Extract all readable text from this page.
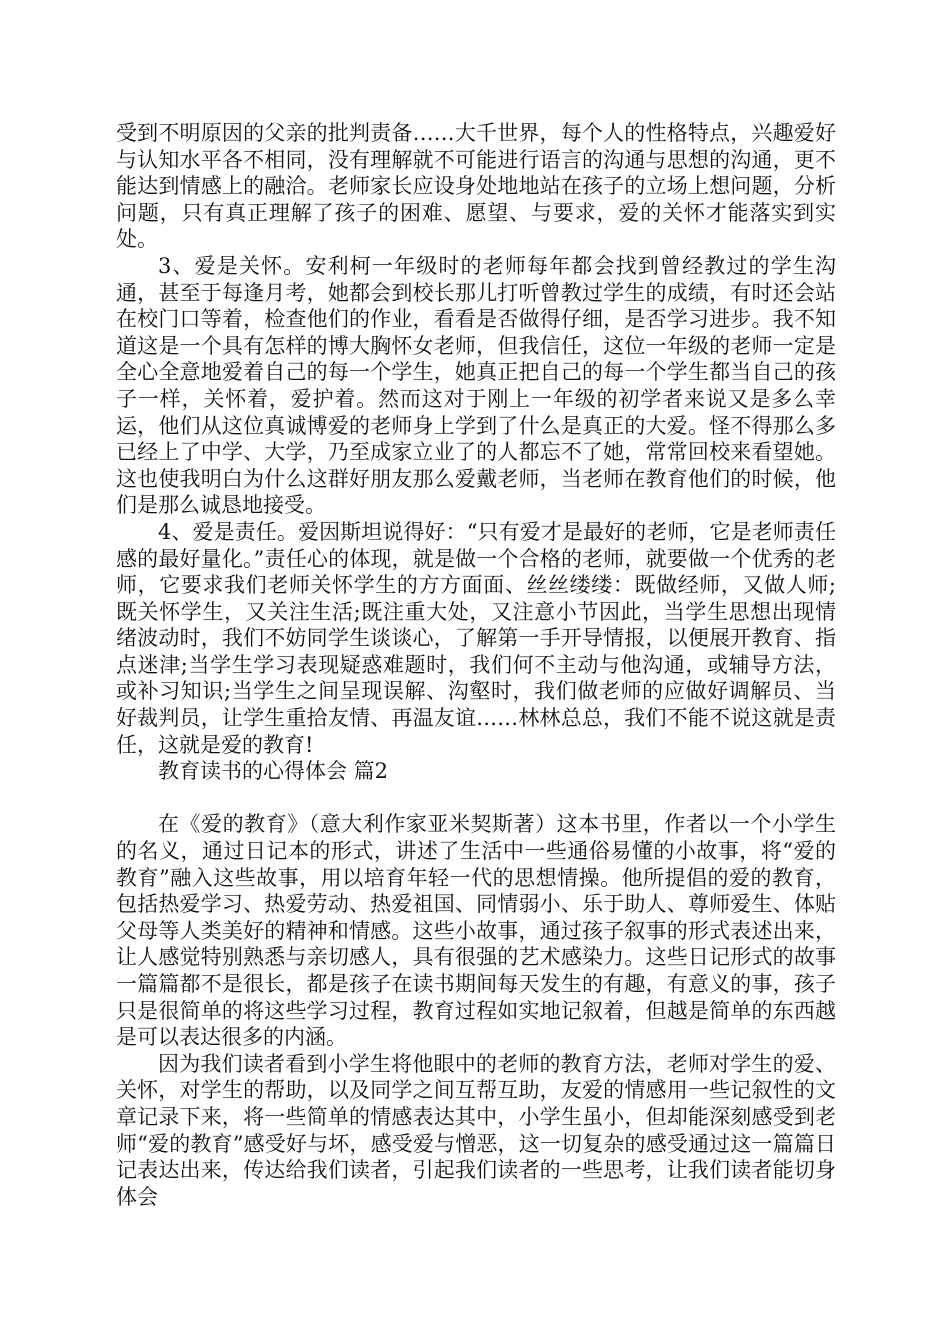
受到不明原因的父亲的批判责备……大千世界，每个人的性格特点，兴趣爱好与认知水平各不相同，没有理解就不可能进行语言的沟通与思想的沟通，更不能达到情感上的融洽。老师家长应设身处地地站在孩子的立场上想问题，分析问题，只有真正理解了孩子的困难、愿望、与要求，爱的关怀才能落实到实处。

3、爱是关怀。安利柯一年级时的老师每年都会找到曾经教过的学生沟通，甚至于每逢月考，她都会到校长那儿打听曾教过学生的成绩，有时还会站在校门口等着，检查他们的作业，看看是否做得仔细，是否学习进步。我不知道这是一个具有怎样的博大胸怀女老师，但我信任，这位一年级的老师一定是全心全意地爱着自己的每一个学生，她真正把自己的每一个学生都当自己的孩子一样，关怀着，爱护着。然而这对于刚上一年级的初学者来说又是多么幸运，他们从这位真诚博爱的老师身上学到了什么是真正的大爱。怪不得那么多已经上了中学、大学，乃至成家立业了的人都忘不了她，常常回校来看望她。这也使我明白为什么这群好朋友那么爱戴老师，当老师在教育他们的时候，他们是那么诚恳地接受。

4、爱是责任。爱因斯坦说得好：“只有爱才是最好的老师，它是老师责任感的最好量化。”责任心的体现，就是做一个合格的老师，就要做一个优秀的老师，它要求我们老师关怀学生的方方面面、丝丝缕缕：既做经师，又做人师;既关怀学生，又关注生活;既注重大处，又注意小节因此，当学生思想出现情绪波动时，我们不妨同学生谈谈心，了解第一手开导情报，以便展开教育、指点迷津;当学生学习表现疑惑难题时，我们何不主动与他沟通，或辅导方法，或补习知识;当学生之间呈现误解、沟壑时，我们做老师的应做好调解员、当好裁判员，让学生重拾友情、再温友谊……林林总总，我们不能不说这就是责任，这就是爱的教育!

教育读书的心得体会 篇2

在《爱的教育》（意大利作家亚米契斯著）这本书里，作者以一个小学生的名义，通过日记本的形式，讲述了生活中一些通俗易懂的小故事，将“爱的教育”融入这些故事，用以培育年轻一代的思想情操。他所提倡的爱的教育，包括热爱学习、热爱劳动、热爱祖国、同情弱小、乐于助人、尊师爱生、体贴父母等人类美好的精神和情感。这些小故事，通过孩子叙事的形式表述出来，让人感觉特别熟悉与亲切感人，具有很强的艺术感染力。这些日记形式的故事一篇篇都不是很长，都是孩子在读书期间每天发生的有趣，有意义的事，孩子只是很简单的将这些学习过程，教育过程如实地记叙着，但越是简单的东西越是可以表达很多的内涵。

因为我们读者看到小学生将他眼中的老师的教育方法，老师对学生的爱、关怀，对学生的帮助，以及同学之间互帮互助，友爱的情感用一些记叙性的文章记录下来，将一些简单的情感表达其中，小学生虽小，但却能深刻感受到老师“爱的教育”感受好与坏，感受爱与憎恶，这一切复杂的感受通过这一篇篇日记表达出来，传达给我们读者，引起我们读者的一些思考，让我们读者能切身体会
